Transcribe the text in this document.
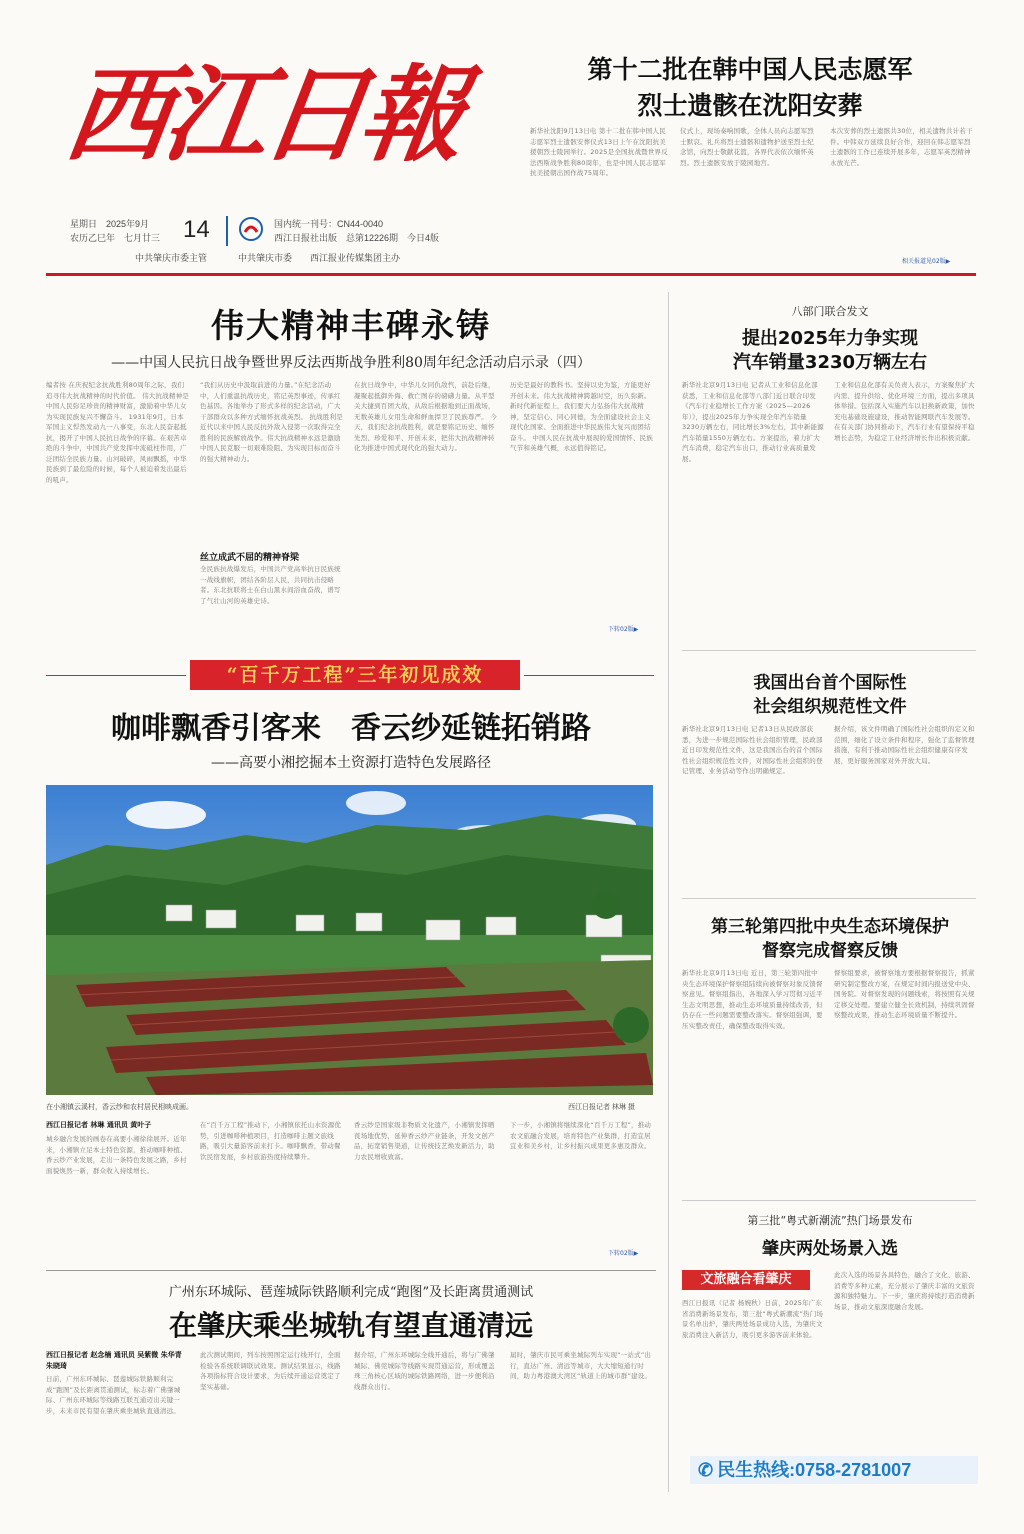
西江日報
星期日　2025年9月
农历乙巳年　七月廿三 14	国内统一刊号：CN44-0040
西江日报社出版　总第12226期　今日4版
中共肇庆市委主管	中共肇庆市委 西江报业传媒集团主办
第十二批在韩中国人民志愿军
烈士遗骸在沈阳安葬
新华社沈阳9月13日电 第十二批在韩中国人民志愿军烈士遗骸安葬仪式13日上午在沈阳抗美援朝烈士陵园举行。2025是全国抗战暨世界反法西斯战争胜利80周年，也是中国人民志愿军抗美援朝出国作战75周年。
仪式上，现场奏响国歌，全体人员向志愿军烈士默哀。礼兵将烈士遗骸和遗物护送至烈士纪念馆，向烈士敬献花篮，各界代表依次缅怀英烈。烈士遗骸安放于陵园地宫。
本次安葬的烈士遗骸共30位，相关遗物共计若干件。中韩双方延续良好合作，迎回在韩志愿军烈士遗骸的工作已连续开展多年，志愿军英烈精神永放光芒。
相关报道见02版▶
伟大精神丰碑永铸
——中国人民抗日战争暨世界反法西斯战争胜利80周年纪念活动启示录（四）
编者按 在庆祝纪念抗战胜利80周年之际，我们追寻伟大抗战精神的时代价值。 伟大抗战精神是中国人民弥足珍贵的精神财富，激励着中华儿女为实现民族复兴不懈奋斗。 1931年9月，日本军国主义悍然发动九一八事变，东北人民奋起抵抗，揭开了中国人民抗日战争的序幕。在艰苦卓绝的斗争中，中国共产党发挥中流砥柱作用，广泛团结全民族力量。山河破碎，风雨飘摇，中华民族到了最危险的时候，每个人被迫着发出最后的吼声。
“我们从历史中汲取前进的力量。”在纪念活动中，人们重温抗战历史，铭记英烈事迹，传承红色基因。各地举办了形式多样的纪念活动，广大干部群众以多种方式缅怀抗战英烈。 抗战胜利是近代以来中国人民反抗外敌入侵第一次取得完全胜利的民族解放战争。伟大抗战精神永远是激励中国人民克服一切艰难险阻、为实现目标而奋斗的强大精神动力。
丝立成武不屈的精神脊梁
全民族抗战爆发后，中国共产党高举抗日民族统一战线旗帜，团结各阶层人民，共同抗击侵略者。东北抗联将士在白山黑水间浴血奋战，谱写了气壮山河的英雄史诗。
在抗日战争中，中华儿女同仇敌忾，前赴后继，凝聚起抵御外侮、救亡图存的磅礴力量。从平型关大捷到百团大战，从敌后根据地到正面战场，无数英雄儿女用生命和鲜血捍卫了民族尊严。 今天，我们纪念抗战胜利，就是要铭记历史、缅怀先烈、珍爱和平、开创未来，把伟大抗战精神转化为推进中国式现代化的强大动力。
历史是最好的教科书。坚持以史为鉴，方能更好开创未来。伟大抗战精神跨越时空，历久弥新。新时代新征程上，我们要大力弘扬伟大抗战精神，坚定信心、同心同德，为全面建设社会主义现代化国家、全面推进中华民族伟大复兴而团结奋斗。 中国人民在抗战中展现的爱国情怀、民族气节和英雄气概，永远值得铭记。
下转02版▶
“百千万工程”三年初见成效
咖啡飘香引客来　香云纱延链拓销路
——高要小湘挖掘本土资源打造特色发展路径
在小湘镇云溪村，香云纱和农村居民相映成画。	西江日报记者 林琳 摄
西江日报记者 林琳 通讯员 黄叶子
城乡融合发展的画卷在高要小湘徐徐展开。近年来，小湘镇立足本土特色资源，推动咖啡种植、香云纱产业发展，走出一条特色发展之路，乡村面貌焕然一新，群众收入持续增长。
在“百千万工程”推动下，小湘镇依托山水资源优势，引进咖啡种植项目，打造咖啡主题文旅线路，吸引大量游客前来打卡。咖啡飘香，带动餐饮民宿发展，乡村旅游热度持续攀升。
香云纱是国家级非物质文化遗产，小湘镇发挥晒莨场地优势，延伸香云纱产业链条，开发文创产品，拓宽销售渠道，让传统技艺焕发新活力，助力农民增收致富。
下一步，小湘镇将继续深化“百千万工程”，推动农文旅融合发展，培育特色产业集群，打造宜居宜业和美乡村，让乡村振兴成果更多惠及群众。
下转02版▶
广州东环城际、琶莲城际铁路顺利完成“跑图”及长距离贯通测试
在肇庆乘坐城轨有望直通清远
西江日报记者 赵念楠 通讯员 吴紫微 朱华青 朱晓琦
日前，广州东环城际、琶莲城际铁路顺利完成“跑图”及长距离贯通测试，标志着广佛肇城际、广州东环城际等线路互联互通迈出关键一步，未来市民有望在肇庆乘坐城轨直通清远。
此次测试期间，列车按照图定运行线开行，全面检验各系统联调联试效果。测试结果显示，线路各项指标符合设计要求，为后续开通运营奠定了坚实基础。
据介绍，广州东环城际全线开通后，将与广佛肇城际、佛莞城际等线路实现贯通运营，形成覆盖珠三角核心区域的城际铁路网络，进一步便利沿线群众出行。
届时，肇庆市民可乘坐城际列车实现“一站式”出行，直达广州、清远等城市，大大缩短通行时间，助力粤港澳大湾区“轨道上的城市群”建设。
八部门联合发文
提出2025年力争实现
汽车销量3230万辆左右
新华社北京9月13日电 记者从工业和信息化部获悉，工业和信息化部等八部门近日联合印发《汽车行业稳增长工作方案（2025—2026年）》，提出2025年力争实现全年汽车销量3230万辆左右，同比增长3%左右，其中新能源汽车销量1550万辆左右。方案提出，着力扩大汽车消费，稳定汽车出口，推动行业高质量发展。
工业和信息化部有关负责人表示，方案聚焦扩大内需、提升供给、优化环境三方面，提出多项具体举措。包括深入实施汽车以旧换新政策，加快充电基础设施建设，推动智能网联汽车发展等。在有关部门协同推动下，汽车行业有望保持平稳增长态势，为稳定工业经济增长作出积极贡献。
我国出台首个国际性
社会组织规范性文件
新华社北京9月13日电 记者13日从民政部获悉，为进一步规范国际性社会组织管理，民政部近日印发规范性文件，这是我国出台的首个国际性社会组织规范性文件，对国际性社会组织的登记管理、业务活动等作出明确规定。
据介绍，该文件明确了国际性社会组织的定义和范围，细化了设立条件和程序，强化了监督管理措施，有利于推动国际性社会组织健康有序发展，更好服务国家对外开放大局。
第三轮第四批中央生态环境保护
督察完成督察反馈
新华社北京9月13日电 近日，第三轮第四批中央生态环境保护督察组陆续向被督察对象反馈督察意见。督察组指出，各地深入学习贯彻习近平生态文明思想，推动生态环境质量持续改善，但仍存在一些问题需要整改落实。督察组强调，要压实整改责任，确保整改取得实效。
督察组要求，被督察地方要根据督察报告，抓紧研究制定整改方案，在规定时间内报送党中央、国务院。对督察发现的问题线索，将按照有关规定移交处理。要建立健全长效机制，持续巩固督察整改成果，推动生态环境质量不断提升。
第三批“粤式新潮流”热门场景发布
肇庆两处场景入选
文旅融合看肇庆
西江日报讯（记者 杨婉秋）日前，2025年广东省消费新场景发布，第三批“粤式新潮流”热门场景名单出炉，肇庆两处场景成功入选，为肇庆文旅消费注入新活力，吸引更多游客前来体验。
此次入选的场景各具特色，融合了文化、旅游、消费等多种元素，充分展示了肇庆丰富的文旅资源和独特魅力。下一步，肇庆将持续打造消费新场景，推动文旅深度融合发展。
✆ 民生热线:0758-2781007
